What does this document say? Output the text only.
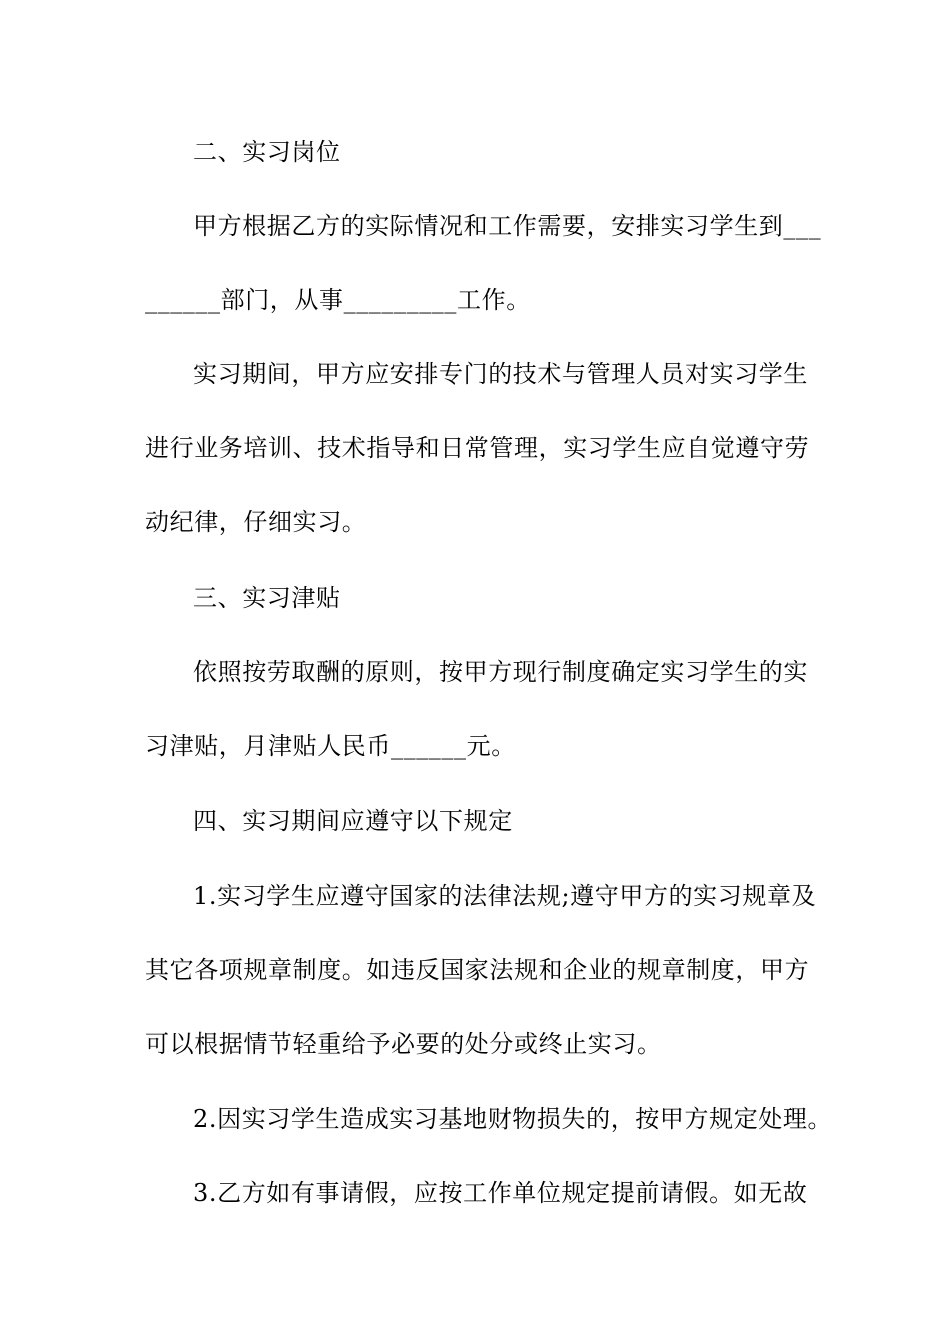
二、实习岗位
甲方根据乙方的实际情况和工作需要，安排实习学生到___
______部门，从事_________工作。
实习期间，甲方应安排专门的技术与管理人员对实习学生
进行业务培训、技术指导和日常管理，实习学生应自觉遵守劳
动纪律，仔细实习。
三、实习津贴
依照按劳取酬的原则，按甲方现行制度确定实习学生的实
习津贴，月津贴人民币______元。
四、实习期间应遵守以下规定
1.实习学生应遵守国家的法律法规;遵守甲方的实习规章及
其它各项规章制度。如违反国家法规和企业的规章制度，甲方
可以根据情节轻重给予必要的处分或终止实习。
2.因实习学生造成实习基地财物损失的，按甲方规定处理。
3.乙方如有事请假，应按工作单位规定提前请假。如无故
